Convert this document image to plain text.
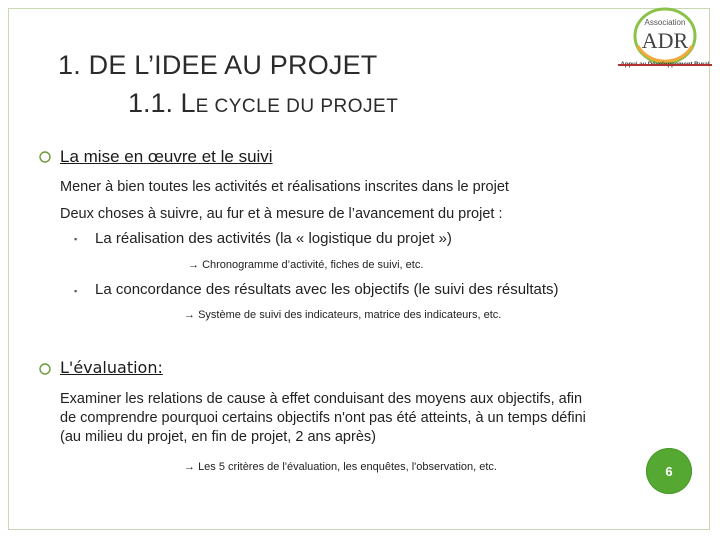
1. DE L’IDEE AU PROJET
1.1. LE CYCLE DU PROJET
Association
ADR
La mise en œuvre et le suivi
Mener à bien toutes les activités et réalisations inscrites dans le projet
Deux choses à suivre, au fur et à mesure de l’avancement du projet :
▪ La réalisation des activités (la « logistique du projet »)
→ Chronogramme d’activité, fiches de suivi, etc.
▪ La concordance des résultats avec les objectifs (le suivi des résultats)
→ Système de suivi des indicateurs, matrice des indicateurs, etc.
L'évaluation:
Examiner les relations de cause à effet conduisant des moyens aux objectifs, afin
de comprendre pourquoi certains objectifs n'ont pas été atteints, à un temps défini
(au milieu du projet, en fin de projet, 2 ans après)
→ Les 5 critères de l'évaluation, les enquêtes, l'observation, etc.	6
